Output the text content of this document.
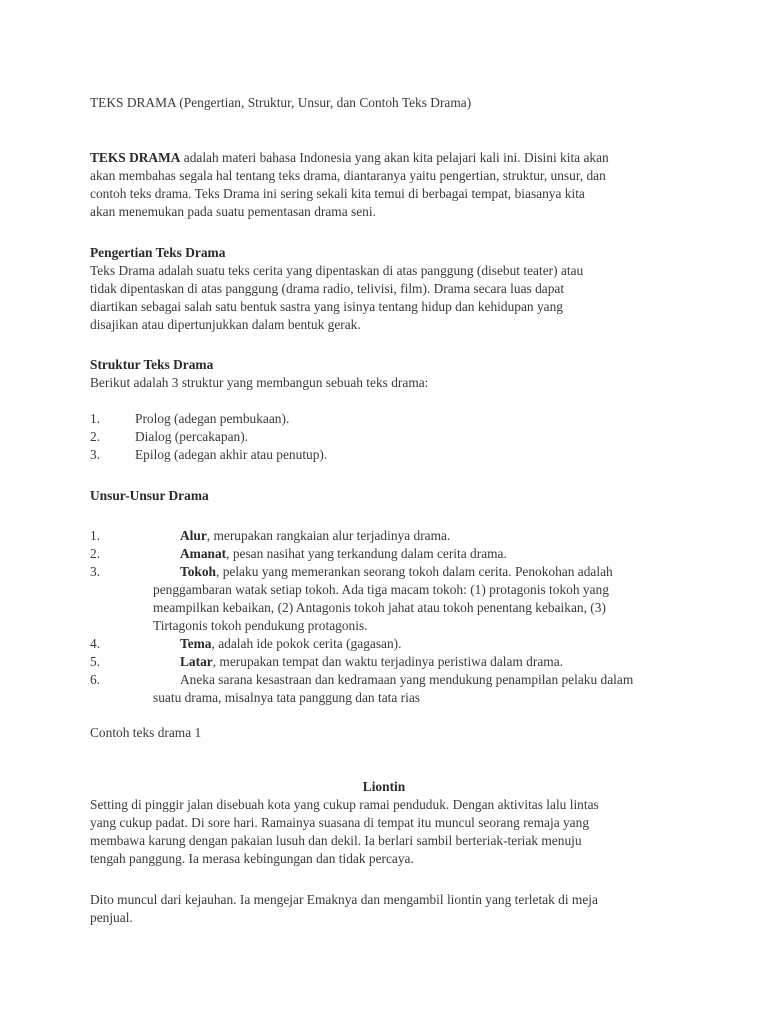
TEKS DRAMA (Pengertian, Struktur, Unsur, dan Contoh Teks Drama)
TEKS DRAMA adalah materi bahasa Indonesia yang akan kita pelajari kali ini. Disini kita akan
akan membahas segala hal tentang teks drama, diantaranya yaitu pengertian, struktur, unsur, dan
contoh teks drama. Teks Drama ini sering sekali kita temui di berbagai tempat, biasanya kita
akan menemukan pada suatu pementasan drama seni.
Pengertian Teks Drama
Teks Drama adalah suatu teks cerita yang dipentaskan di atas panggung (disebut teater) atau
tidak dipentaskan di atas panggung (drama radio, telivisi, film). Drama secara luas dapat
diartikan sebagai salah satu bentuk sastra yang isinya tentang hidup dan kehidupan yang
disajikan atau dipertunjukkan dalam bentuk gerak.
Struktur Teks Drama
Berikut adalah 3 struktur yang membangun sebuah teks drama:
1.	Prolog (adegan pembukaan).
2.	Dialog (percakapan).
3.	Epilog (adegan akhir atau penutup).
Unsur-Unsur Drama
1.	Alur, merupakan rangkaian alur terjadinya drama.
2.	Amanat, pesan nasihat yang terkandung dalam cerita drama.
3.	Tokoh, pelaku yang memerankan seorang tokoh dalam cerita. Penokohan adalah
penggambaran watak setiap tokoh. Ada tiga macam tokoh: (1) protagonis tokoh yang
meampilkan kebaikan, (2) Antagonis tokoh jahat atau tokoh penentang kebaikan, (3)
Tirtagonis tokoh pendukung protagonis.
4.	Tema, adalah ide pokok cerita (gagasan).
5.	Latar, merupakan tempat dan waktu terjadinya peristiwa dalam drama.
6.	Aneka sarana kesastraan dan kedramaan yang mendukung penampilan pelaku dalam
suatu drama, misalnya tata panggung dan tata rias
Contoh teks drama 1
Liontin
Setting di pinggir jalan disebuah kota yang cukup ramai penduduk. Dengan aktivitas lalu lintas
yang cukup padat. Di sore hari. Ramainya suasana di tempat itu muncul seorang remaja yang
membawa karung dengan pakaian lusuh dan dekil. Ia berlari sambil berteriak-teriak menuju
tengah panggung. Ia merasa kebingungan dan tidak percaya.
Dito muncul dari kejauhan. Ia mengejar Emaknya dan mengambil liontin yang terletak di meja
penjual.
